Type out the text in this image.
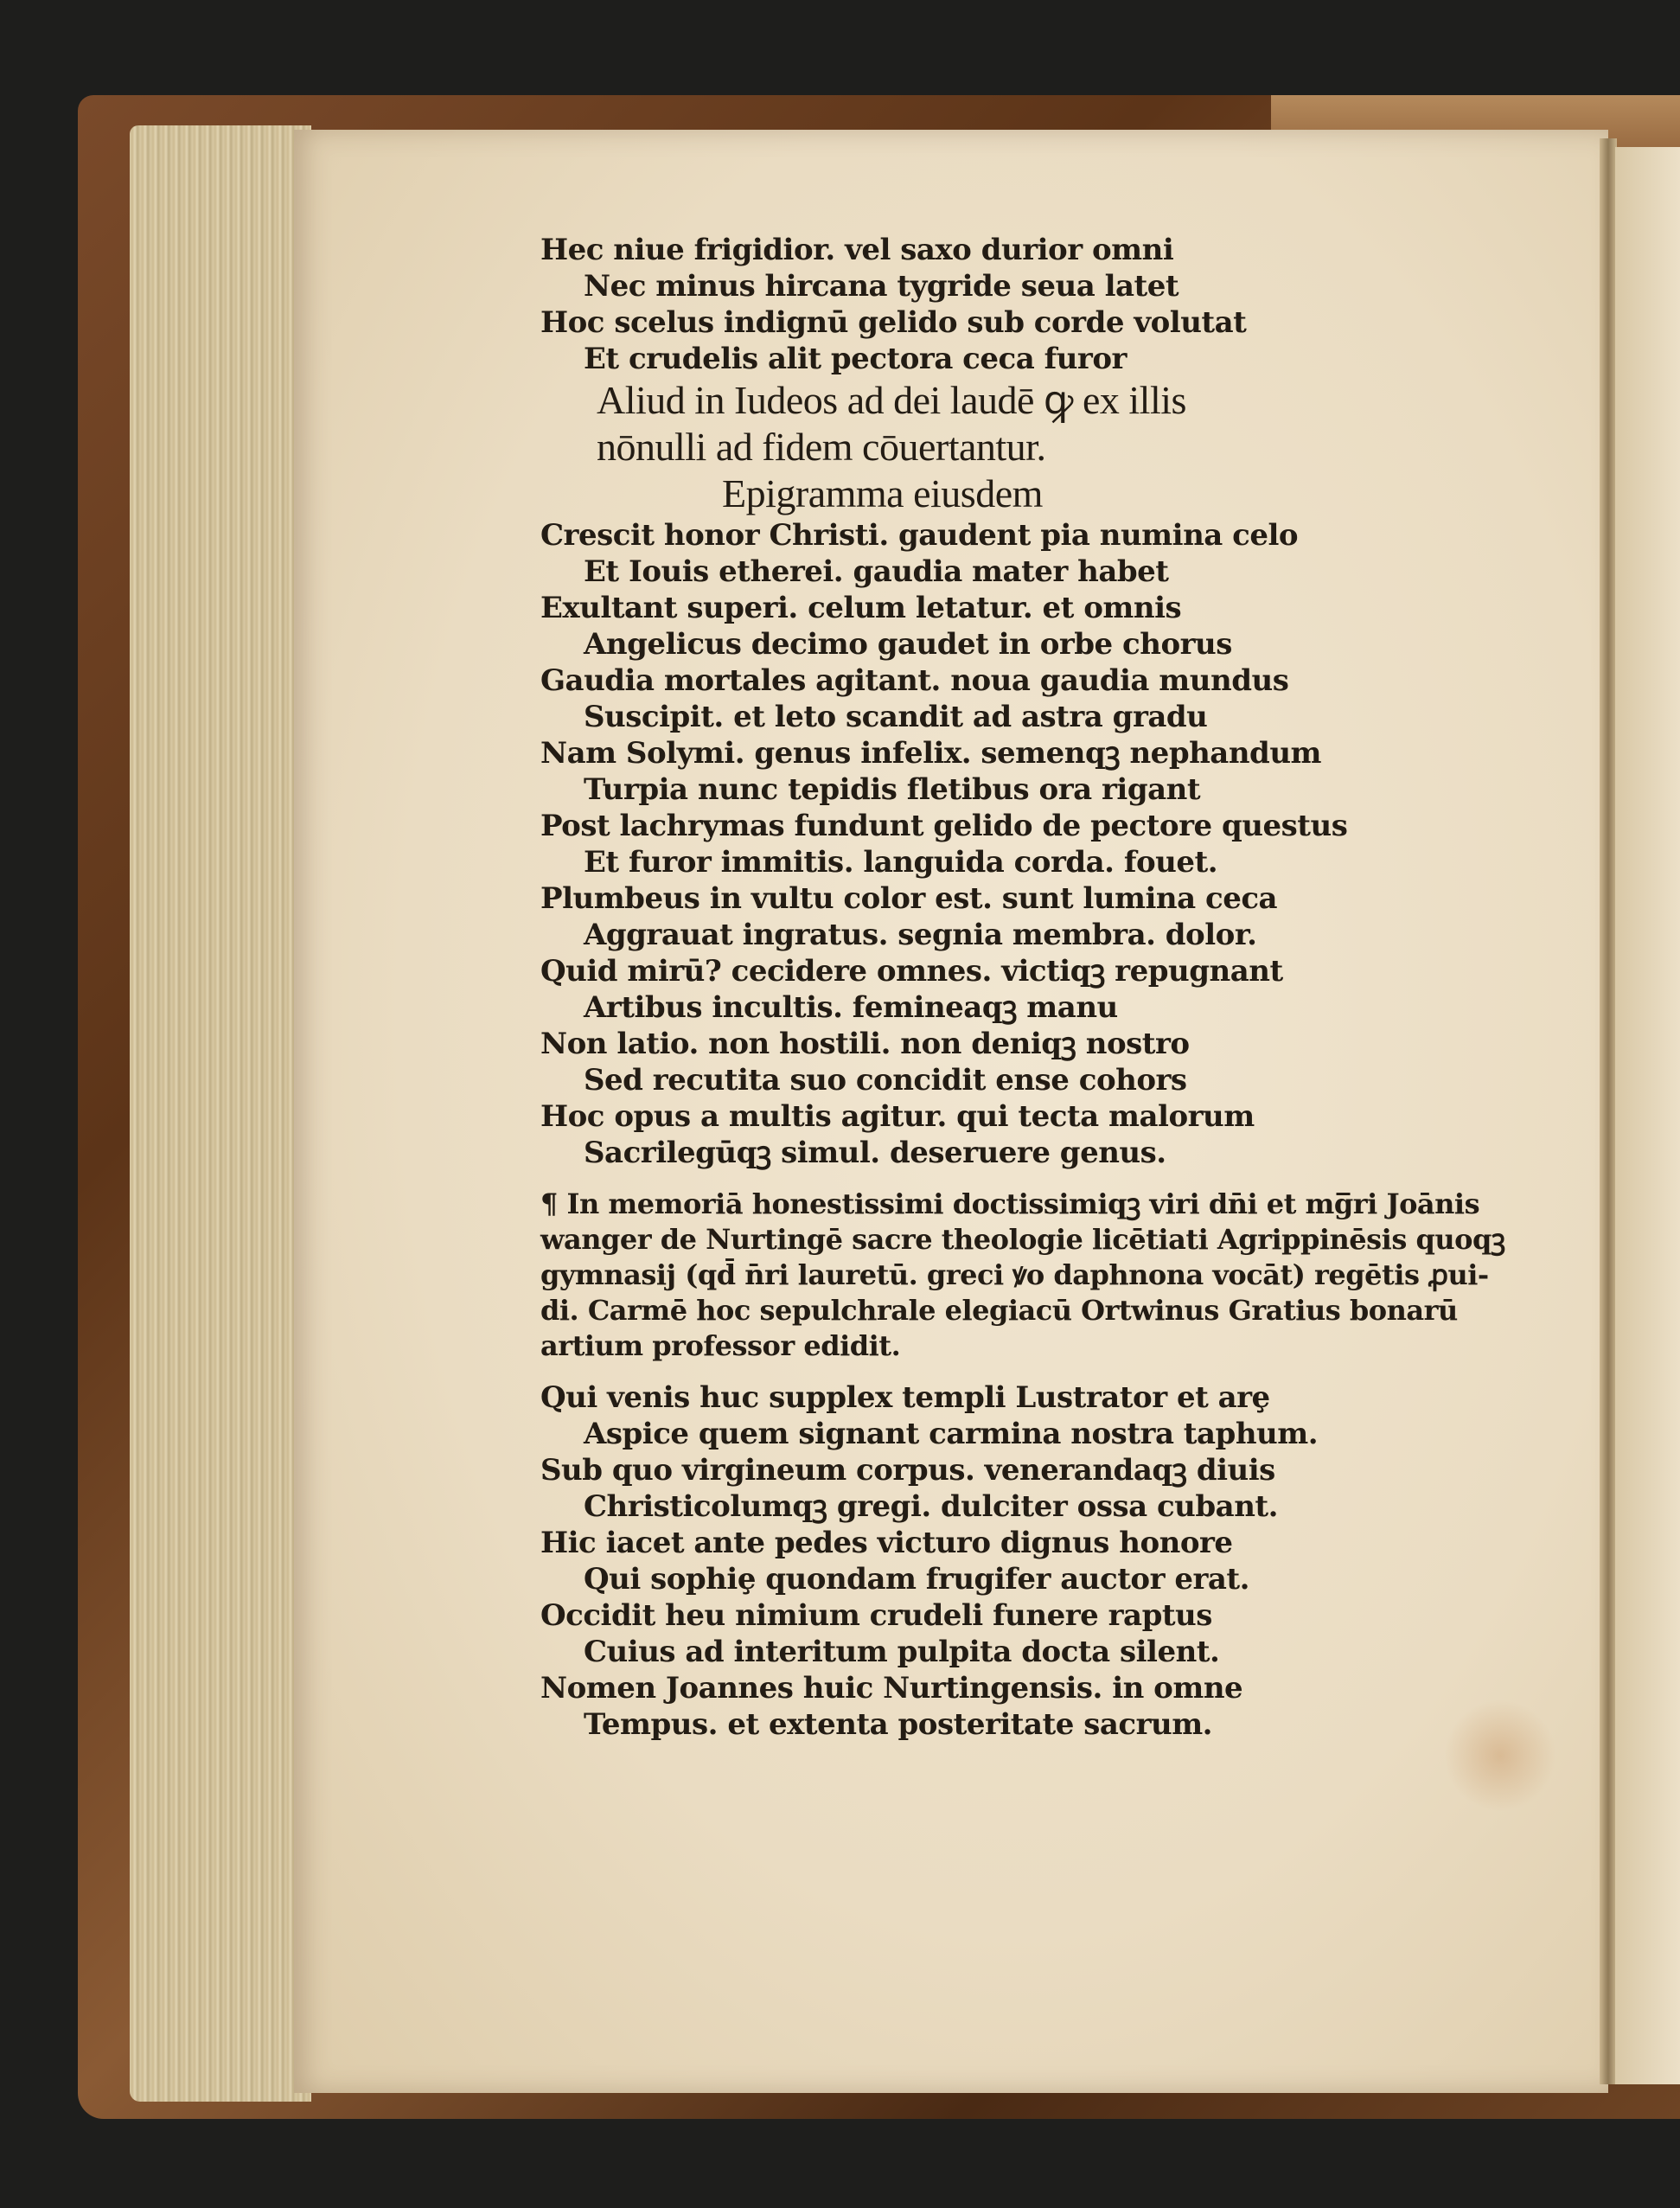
Hec niue frigidior. vel saxo durior omni
Nec minus hircana tygride seua latet
Hoc scelus indignū gelido sub corde volutat
Et crudelis alit pectora ceca furor
Aliud in Iudeos ad dei laudē ꝙ ex illis
nōnulli ad fidem cōuertantur.
Epigramma eiusdem
Crescit honor Christi. gaudent pia numina celo
Et Iouis etherei. gaudia mater habet
Exultant superi. celum letatur. et omnis
Angelicus decimo gaudet in orbe chorus
Gaudia mortales agitant. noua gaudia mundus
Suscipit. et leto scandit ad astra gradu
Nam Solymi. genus infelix. semenqꝫ nephandum
Turpia nunc tepidis fletibus ora rigant
Post lachrymas fundunt gelido de pectore questus
Et furor immitis. languida corda. fouet.
Plumbeus in vultu color est. sunt lumina ceca
Aggrauat ingratus. segnia membra. dolor.
Quid mirū? cecidere omnes. victiqꝫ repugnant
Artibus incultis. femineaqꝫ manu
Non latio. non hostili. non deniqꝫ nostro
Sed recutita suo concidit ense cohors
Hoc opus a multis agitur. qui tecta malorum
Sacrilegūqꝫ simul. deseruere genus.
¶ In memoriā honestissimi doctissimiqꝫ viri dn̄i et mg̅ri Joānis
wanger de Nurtingē sacre theologie licētiati Agrippinēsis quoqꝫ
gymnasij (qd̄ n̄ri lauretū. greci ꝟo daphnona vocāt) regētis ꝓui-
di. Carmē hoc sepulchrale elegiacū Ortwinus Gratius bonarū
artium professor edidit.
Qui venis huc supplex templi Lustrator et arȩ
Aspice quem signant carmina nostra taphum.
Sub quo virgineum corpus. venerandaqꝫ diuis
Christicolumqꝫ gregi. dulciter ossa cubant.
Hic iacet ante pedes victuro dignus honore
Qui sophiȩ quondam frugifer auctor erat.
Occidit heu nimium crudeli funere raptus
Cuius ad interitum pulpita docta silent.
Nomen Joannes huic Nurtingensis. in omne
Tempus. et extenta posteritate sacrum.
